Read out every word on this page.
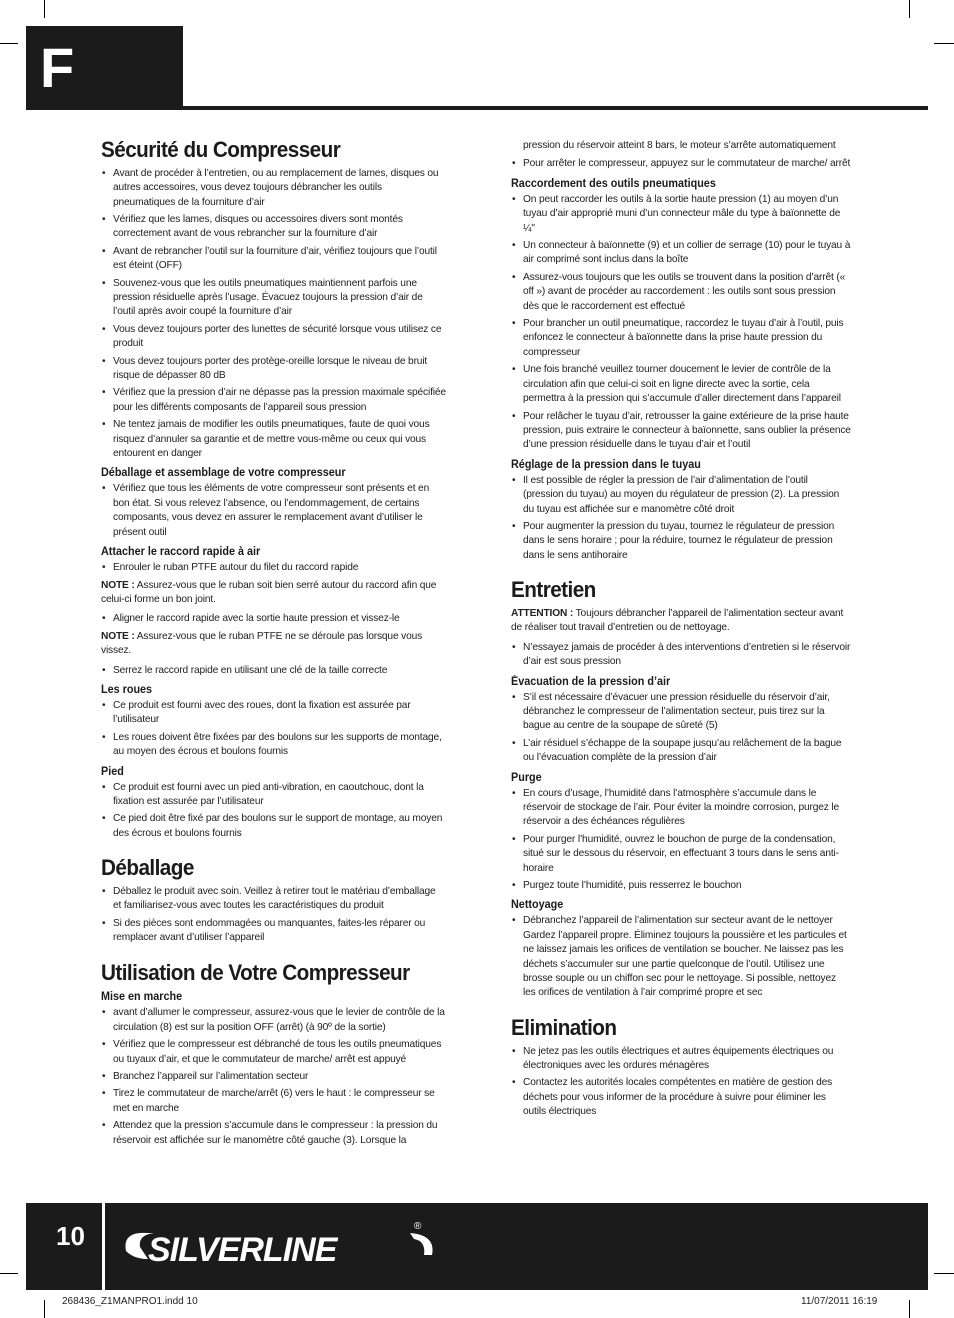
F
Sécurité du Compresseur
• Avant de procéder à l’entretien, ou au remplacement de lames, disques ou autres accessoires, vous devez toujours débrancher les outils pneumatiques de la fourniture d’air
• Vérifiez que les lames, disques ou accessoires divers sont montés correctement avant de vous rebrancher sur la fourniture d’air
• Avant de rebrancher l’outil sur la fourniture d’air, vérifiez toujours que l’outil est éteint (OFF)
• Souvenez-vous que les outils pneumatiques maintiennent parfois une pression résiduelle après l’usage. Évacuez toujours la pression d’air de l’outil après avoir coupé la fourniture d’air
• Vous devez toujours porter des lunettes de sécurité lorsque vous utilisez ce produit
• Vous devez toujours porter des protège-oreille lorsque le niveau de bruit risque de dépasser 80 dB
• Vérifiez que la pression d’air ne dépasse pas la pression maximale spécifiée pour les différents composants de l’appareil sous pression
• Ne tentez jamais de modifier les outils pneumatiques, faute de quoi vous risquez d’annuler sa garantie et de mettre vous-même ou ceux qui vous entourent en danger
Déballage et assemblage de votre compresseur
• Vérifiez que tous les éléments de votre compresseur sont présents et en bon état. Si vous relevez l’absence, ou l’endommagement, de certains composants, vous devez en assurer le remplacement avant d’utiliser le présent outil
Attacher le raccord rapide à air
• Enrouler le ruban PTFE autour du filet du raccord rapide

NOTE : Assurez-vous que le ruban soit bien serré autour du raccord afin que celui-ci forme un bon joint.

• Aligner le raccord rapide avec la sortie haute pression et vissez-le

NOTE : Assurez-vous que le ruban PTFE ne se déroule pas lorsque vous vissez.

• Serrez le raccord rapide en utilisant une clé de la taille correcte
Les roues
• Ce produit est fourni avec des roues, dont la fixation est assurée par l’utilisateur
• Les roues doivent être fixées par des boulons sur les supports de montage, au moyen des écrous et boulons fournis
Pied
• Ce produit est fourni avec un pied anti-vibration, en caoutchouc, dont la fixation est assurée par l’utilisateur
• Ce pied doit être fixé par des boulons sur le support de montage, au moyen des écrous et boulons fournis
Déballage
• Déballez le produit avec soin. Veillez à retirer tout le matériau d’emballage et familiarisez-vous avec toutes les caractéristiques du produit
• Si des pièces sont endommagées ou manquantes, faites-les réparer ou remplacer avant d’utiliser l’appareil
Utilisation de Votre Compresseur
Mise en marche
• avant d’allumer le compresseur, assurez-vous que le levier de contrôle de la circulation (8) est sur la position OFF (arrêt) (à 90º de la sortie)
• Vérifiez que le compresseur est débranché de tous les outils pneumatiques ou tuyaux d’air, et que le commutateur de marche/ arrêt est appuyé
• Branchez l’appareil sur l’alimentation secteur
• Tirez le commutateur de marche/arrêt (6) vers le haut : le compresseur se met en marche
• Attendez que la pression s’accumule dans le compresseur : la pression du réservoir est affichée sur le manomètre côté gauche (3). Lorsque la

pression du réservoir atteint 8 bars, le moteur s’arrête automatiquement

• Pour arrêter le compresseur, appuyez sur le commutateur de marche/ arrêt
Raccordement des outils pneumatiques
• On peut raccorder les outils à la sortie haute pression (1) au moyen d’un tuyau d’air approprié muni d’un connecteur mâle du type à baïonnette de ¼"
• Un connecteur à baïonnette (9) et un collier de serrage (10) pour le tuyau à air comprimé sont inclus dans la boîte
• Assurez-vous toujours que les outils se trouvent dans la position d’arrêt (« off ») avant de procéder au raccordement : les outils sont sous pression dès que le raccordement est effectué
• Pour brancher un outil pneumatique, raccordez le tuyau d’air à l’outil, puis enfoncez le connecteur à baïonnette dans la prise haute pression du compresseur
• Une fois branché veuillez tourner doucement le levier de contrôle de la circulation afin que celui-ci soit en ligne directe avec la sortie, cela permettra à la pression qui s’accumule d’aller directement dans l’appareil
• Pour relâcher le tuyau d’air, retrousser la gaine extérieure de la prise haute pression, puis extraire le connecteur à baïonnette, sans oublier la présence d’une pression résiduelle dans le tuyau d’air et l’outil
Réglage de la pression dans le tuyau
• Il est possible de régler la pression de l’air d’alimentation de l’outil (pression du tuyau) au moyen du régulateur de pression (2). La pression du tuyau est affichée sur e manomètre côté droit
• Pour augmenter la pression du tuyau, tournez le régulateur de pression dans le sens horaire ; pour la réduire, tournez le régulateur de pression dans le sens antihoraire
Entretien

ATTENTION : Toujours débrancher l’appareil de l’alimentation secteur avant de réaliser tout travail d’entretien ou de nettoyage.

• N’essayez jamais de procéder à des interventions d’entretien si le réservoir d’air est sous pression
Évacuation de la pression d’air
• S’il est nécessaire d’évacuer une pression résiduelle du réservoir d’air, débranchez le compresseur de l’alimentation secteur, puis tirez sur la bague au centre de la soupape de sûreté (5)
• L’air résiduel s’échappe de la soupape jusqu’au relâchement de la bague ou l’évacuation complète de la pression d’air
Purge
• En cours d’usage, l’humidité dans l’atmosphère s’accumule dans le réservoir de stockage de l’air. Pour éviter la moindre corrosion, purgez le réservoir a des échéances régulières
• Pour purger l’humidité, ouvrez le bouchon de purge de la condensation, situé sur le dessous du réservoir, en effectuant 3 tours dans le sens anti-horaire
• Purgez toute l’humidité, puis resserrez le bouchon
Nettoyage
• Débranchez l’appareil de l’alimentation sur secteur avant de le nettoyer Gardez l’appareil propre. Éliminez toujours la poussière et les particules et ne laissez jamais les orifices de ventilation se boucher. Ne laissez pas les déchets s’accumuler sur une partie quelconque de l’outil. Utilisez une brosse souple ou un chiffon sec pour le nettoyage. Si possible, nettoyez les orifices de ventilation à l’air comprimé propre et sec
Elimination
• Ne jetez pas les outils électriques et autres équipements électriques ou électroniques avec les ordures ménagères
• Contactez les autorités locales compétentes en matière de gestion des déchets pour vous informer de la procédure à suivre pour éliminer les outils électriques
10 SILVERLINE
®
268436_Z1MANPRO1.indd 10	11/07/2011 16:19
